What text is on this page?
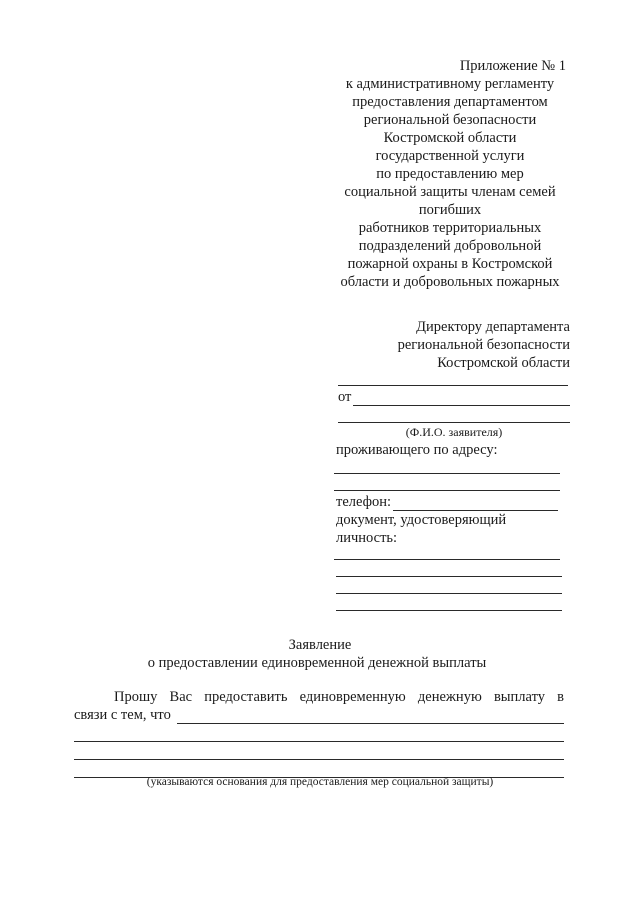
Приложение № 1
к административному регламенту
предоставления департаментом
региональной безопасности
Костромской области
государственной услуги
по предоставлению мер
социальной защиты членам семей
погибших
работников территориальных
подразделений добровольной
пожарной охраны в Костромской
области и добровольных пожарных
Директору департамента
региональной безопасности
Костромской области
от
(Ф.И.О. заявителя)
проживающего по адресу:
телефон:
документ, удостоверяющий
личность:
Заявление
о предоставлении единовременной денежной выплаты
Прошу Вас предоставить единовременную денежную выплату в
связи с тем, что
(указываются основания для предоставления мер социальной защиты)
